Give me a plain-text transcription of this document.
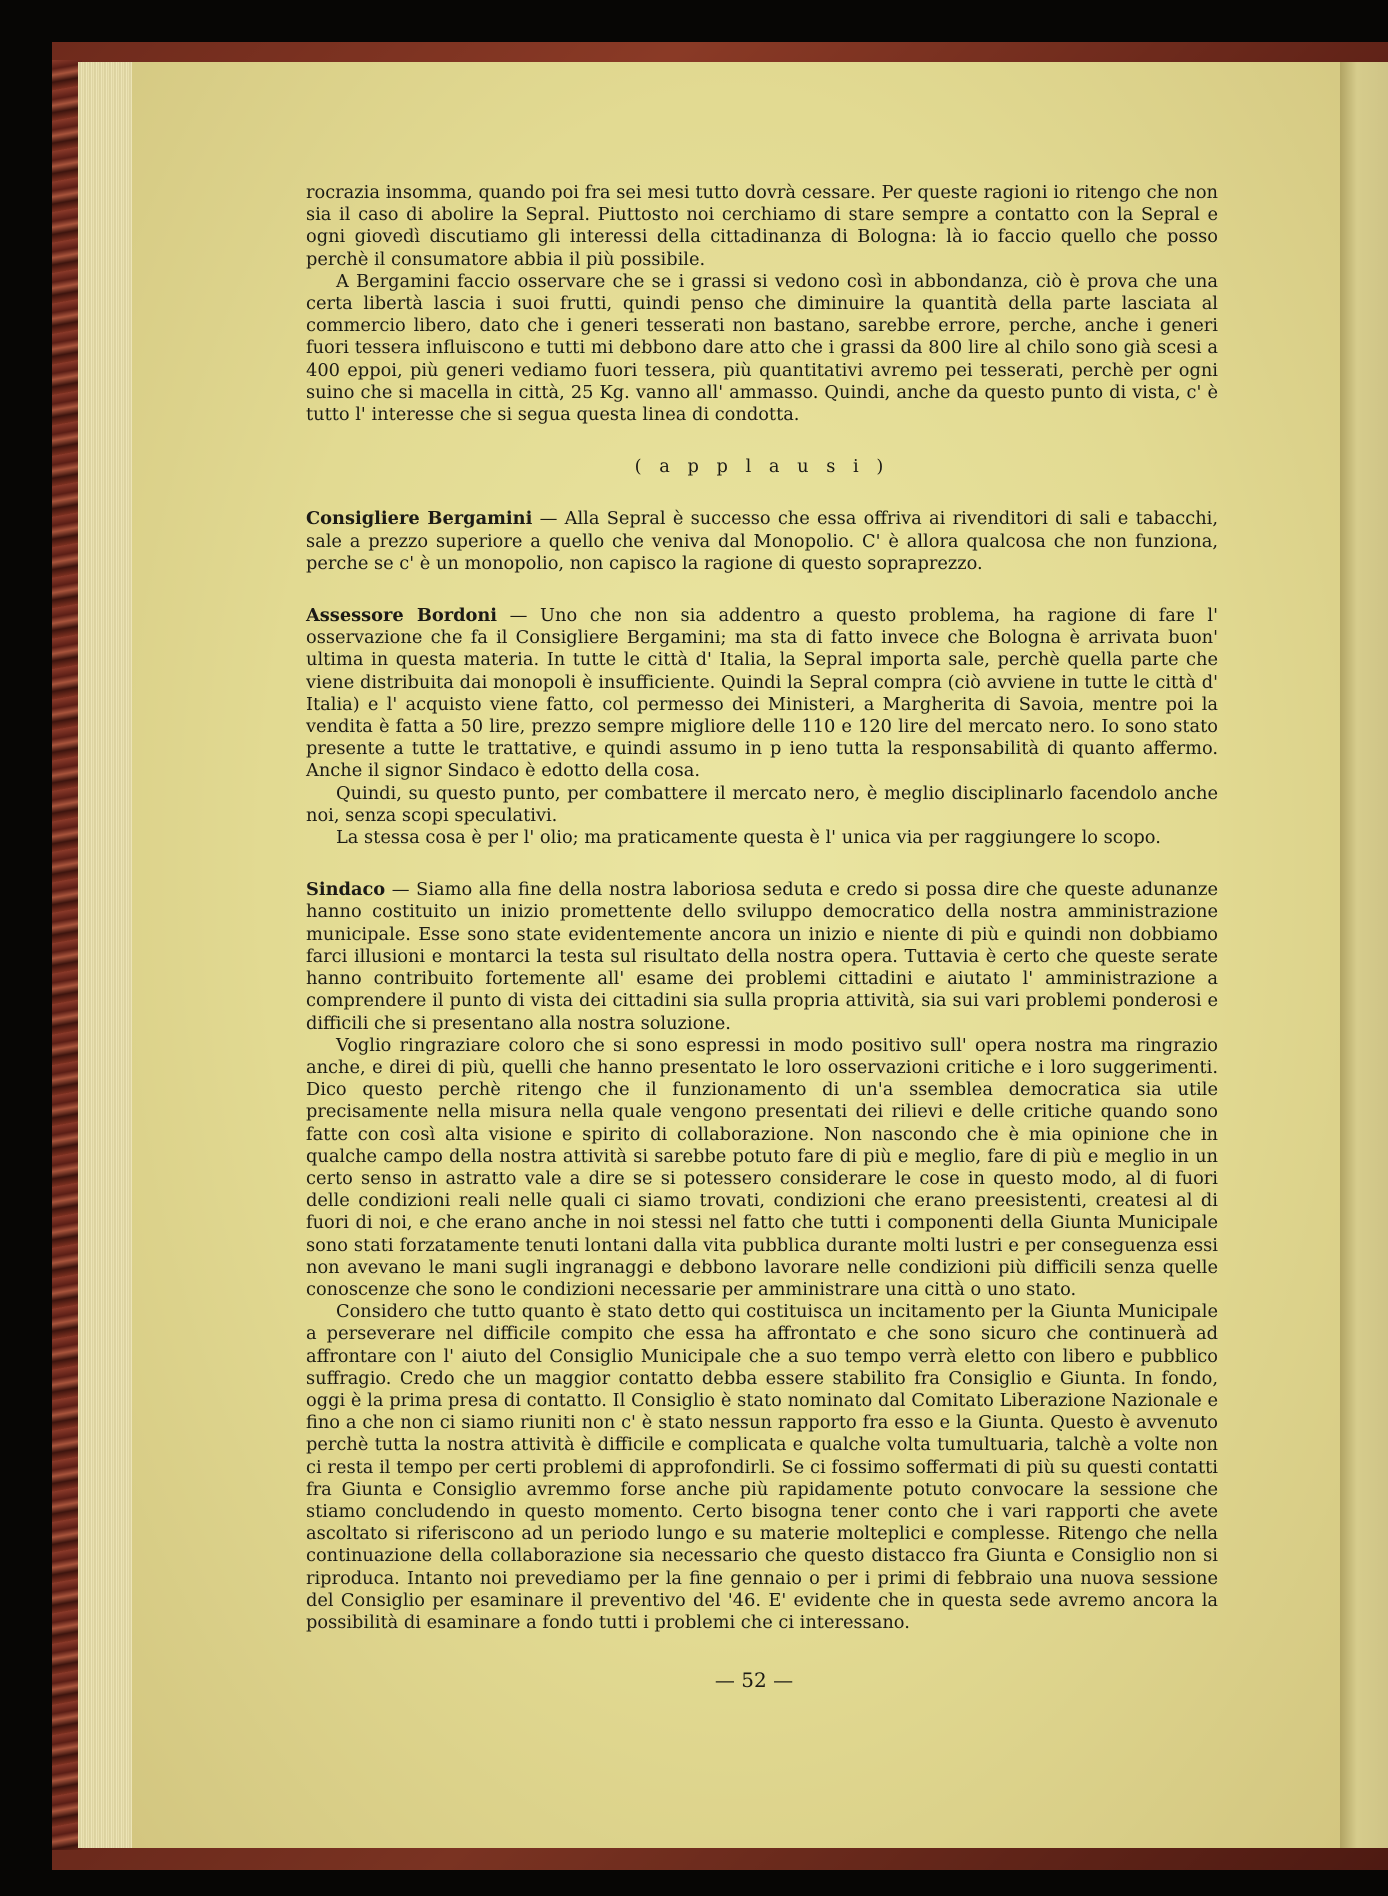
rocrazia insomma, quando poi fra sei mesi tutto dovrà cessare. Per queste ragioni io ritengo che non sia il caso di abolire la Sepral. Piuttosto noi cerchiamo di stare sempre a contatto con la Sepral e ogni giovedì discutiamo gli interessi della cittadinanza di Bologna: là io faccio quello che posso perchè il consumatore abbia il più possibile.

A Bergamini faccio osservare che se i grassi si vedono così in abbondanza, ciò è prova che una certa libertà lascia i suoi frutti, quindi penso che diminuire la quantità della parte lasciata al commercio libero, dato che i generi tesserati non bastano, sarebbe errore, perche, anche i generi fuori tessera influiscono e tutti mi debbono dare atto che i grassi da 800 lire al chilo sono già scesi a 400 eppoi, più generi vediamo fuori tessera, più quantitativi avremo pei tesserati, perchè per ogni suino che si macella in città, 25 Kg. vanno all' ammasso. Quindi, anche da questo punto di vista, c' è tutto l' interesse che si segua questa linea di condotta.

( a p p l a u s i )

Consigliere Bergamini — Alla Sepral è successo che essa offriva ai rivenditori di sali e tabacchi, sale a prezzo superiore a quello che veniva dal Monopolio. C' è allora qualcosa che non funziona, perche se c' è un monopolio, non capisco la ragione di questo sopraprezzo.

Assessore Bordoni — Uno che non sia addentro a questo problema, ha ragione di fare l' osservazione che fa il Consigliere Bergamini; ma sta di fatto invece che Bologna è arrivata buon' ultima in questa materia. In tutte le città d' Italia, la Sepral importa sale, perchè quella parte che viene distribuita dai monopoli è insufficiente. Quindi la Sepral compra (ciò avviene in tutte le città d' Italia) e l' acquisto viene fatto, col permesso dei Ministeri, a Margherita di Savoia, mentre poi la vendita è fatta a 50 lire, prezzo sempre migliore delle 110 e 120 lire del mercato nero. Io sono stato presente a tutte le trattative, e quindi assumo in p ieno tutta la responsabilità di quanto affermo. Anche il signor Sindaco è edotto della cosa.

Quindi, su questo punto, per combattere il mercato nero, è meglio disciplinarlo facendolo anche noi, senza scopi speculativi.

La stessa cosa è per l' olio; ma praticamente questa è l' unica via per raggiungere lo scopo.

Sindaco — Siamo alla fine della nostra laboriosa seduta e credo si possa dire che queste adunanze hanno costituito un inizio promettente dello sviluppo democratico della nostra amministrazione municipale. Esse sono state evidentemente ancora un inizio e niente di più e quindi non dobbiamo farci illusioni e montarci la testa sul risultato della nostra opera. Tuttavia è certo che queste serate hanno contribuito fortemente all' esame dei problemi cittadini e aiutato l' amministrazione a comprendere il punto di vista dei cittadini sia sulla propria attività, sia sui vari problemi ponderosi e difficili che si presentano alla nostra soluzione.

Voglio ringraziare coloro che si sono espressi in modo positivo sull' opera nostra ma ringrazio anche, e direi di più, quelli che hanno presentato le loro osservazioni critiche e i loro suggerimenti. Dico questo perchè ritengo che il funzionamento di un'a ssemblea democratica sia utile precisamente nella misura nella quale vengono presentati dei rilievi e delle critiche quando sono fatte con così alta visione e spirito di collaborazione. Non nascondo che è mia opinione che in qualche campo della nostra attività si sarebbe potuto fare di più e meglio, fare di più e meglio in un certo senso in astratto vale a dire se si potessero considerare le cose in questo modo, al di fuori delle condizioni reali nelle quali ci siamo trovati, condizioni che erano preesistenti, createsi al di fuori di noi, e che erano anche in noi stessi nel fatto che tutti i componenti della Giunta Municipale sono stati forzatamente tenuti lontani dalla vita pubblica durante molti lustri e per conseguenza essi non avevano le mani sugli ingranaggi e debbono lavorare nelle condizioni più difficili senza quelle conoscenze che sono le condizioni necessarie per amministrare una città o uno stato.

Considero che tutto quanto è stato detto qui costituisca un incitamento per la Giunta Municipale a perseverare nel difficile compito che essa ha affrontato e che sono sicuro che continuerà ad affrontare con l' aiuto del Consiglio Municipale che a suo tempo verrà eletto con libero e pubblico suffragio. Credo che un maggior contatto debba essere stabilito fra Consiglio e Giunta. In fondo, oggi è la prima presa di contatto. Il Consiglio è stato nominato dal Comitato Liberazione Nazionale e fino a che non ci siamo riuniti non c' è stato nessun rapporto fra esso e la Giunta. Questo è avvenuto perchè tutta la nostra attività è difficile e complicata e qualche volta tumultuaria, talchè a volte non ci resta il tempo per certi problemi di approfondirli. Se ci fossimo soffermati di più su questi contatti fra Giunta e Consiglio avremmo forse anche più rapidamente potuto convocare la sessione che stiamo concludendo in questo momento. Certo bisogna tener conto che i vari rapporti che avete ascoltato si riferiscono ad un periodo lungo e su materie molteplici e complesse. Ritengo che nella continuazione della collaborazione sia necessario che questo distacco fra Giunta e Consiglio non si riproduca. Intanto noi prevediamo per la fine gennaio o per i primi di febbraio una nuova sessione del Consiglio per esaminare il preventivo del '46. E' evidente che in questa sede avremo ancora la possibilità di esaminare a fondo tutti i problemi che ci interessano.

— 52 —
